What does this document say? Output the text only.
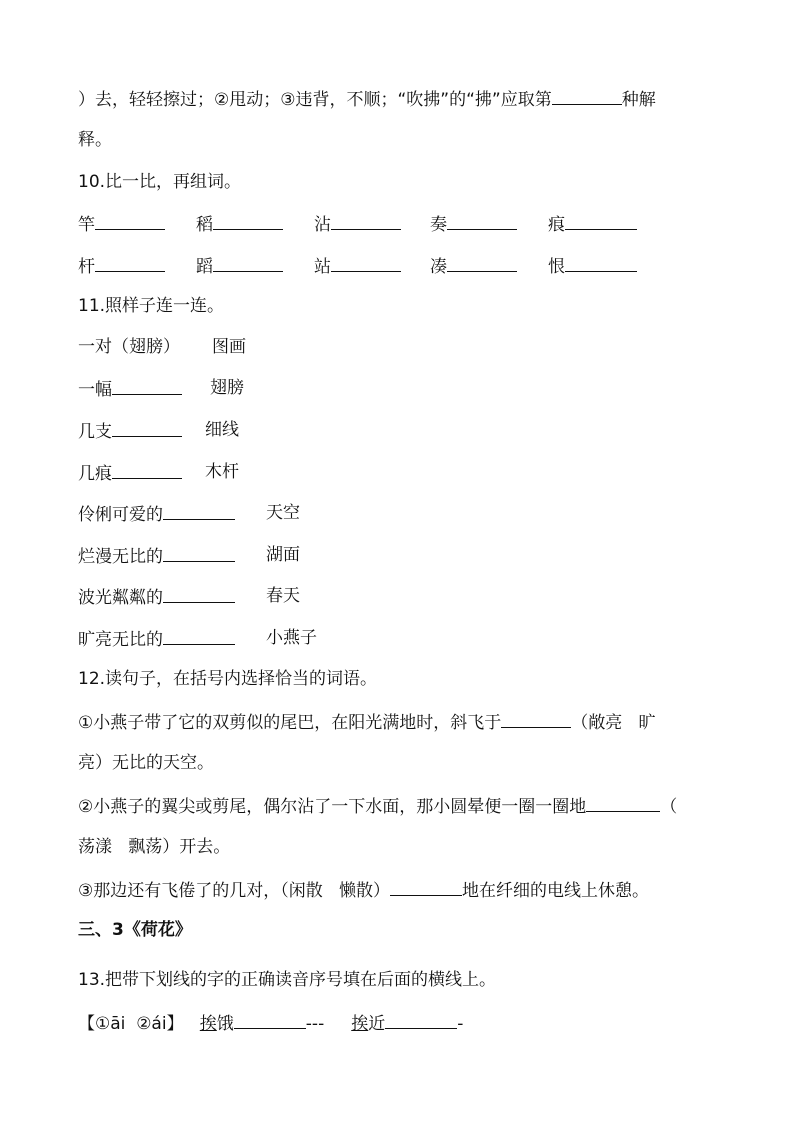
）去，轻轻擦过；②甩动；③违背，不顺；“吹拂”的“拂”应取第	种解
释。
10.比一比，再组词。
竿	稻	沾	奏	痕
杆	蹈	站	凑	恨
11.照样子连一连。
一对（翅膀） 图画
一幅	翅膀
几支	细线
几痕	木杆
伶俐可爱的	天空
烂漫无比的	湖面
波光粼粼的	春天
旷亮无比的	小燕子
12.读句子，在括号内选择恰当的词语。
①小燕子带了它的双剪似的尾巴，在阳光满地时，斜飞于	（敞亮   旷
亮）无比的天空。
②小燕子的翼尖或剪尾，偶尔沾了一下水面，那小圆晕便一圈一圈地	（
荡漾   飘荡）开去。
③那边还有飞倦了的几对，（闲散   懒散）	地在纤细的电线上休憩。
三、3《荷花》
13.把带下划线的字的正确读音序号填在后面的横线上。
【①āi  ②ái】 挨饿	--- 挨近	-
